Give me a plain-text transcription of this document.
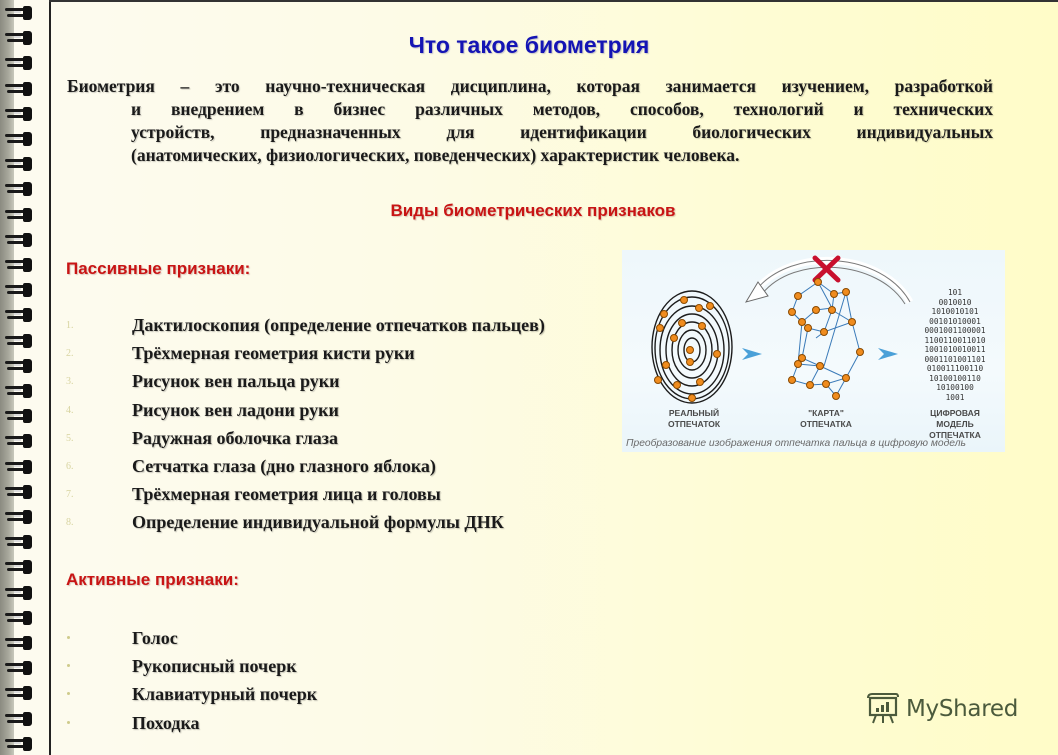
Что такое биометрия
Биометрия – это научно-техническая дисциплина, которая занимается изучением, разработкой
и внедрением в бизнес различных методов, способов, технологий и технических
устройств, предназначенных для идентификации биологических индивидуальных
(анатомических, физиологических, поведенческих) характеристик человека.
Виды биометрических признаков
Пассивные признаки:
1.	Дактилоскопия (определение отпечатков пальцев)
2.	Трёхмерная геометрия кисти руки
3.	Рисунок вен пальца руки
4.	Рисунок вен ладони руки
5.	Радужная оболочка глаза
6.	Сетчатка глаза (дно глазного яблока)
7.	Трёхмерная геометрия лица и головы
8.	Определение индивидуальной формулы ДНК
Активные признаки:
Голос
Рукописный почерк
Клавиатурный почерк
Походка
101
0010010
1010010101
00101010001
0001001100001
1100110011010
1001010010011
0001101001101
010011100110
10100100110
10100100
1001
РЕАЛЬНЫЙ
ОТПЕЧАТОК
"КАРТА"
ОТПЕЧАТКА
ЦИФРОВАЯ
МОДЕЛЬ
ОТПЕЧАТКА
Преобразование изображения отпечатка пальца в цифровую модель
MyShared
